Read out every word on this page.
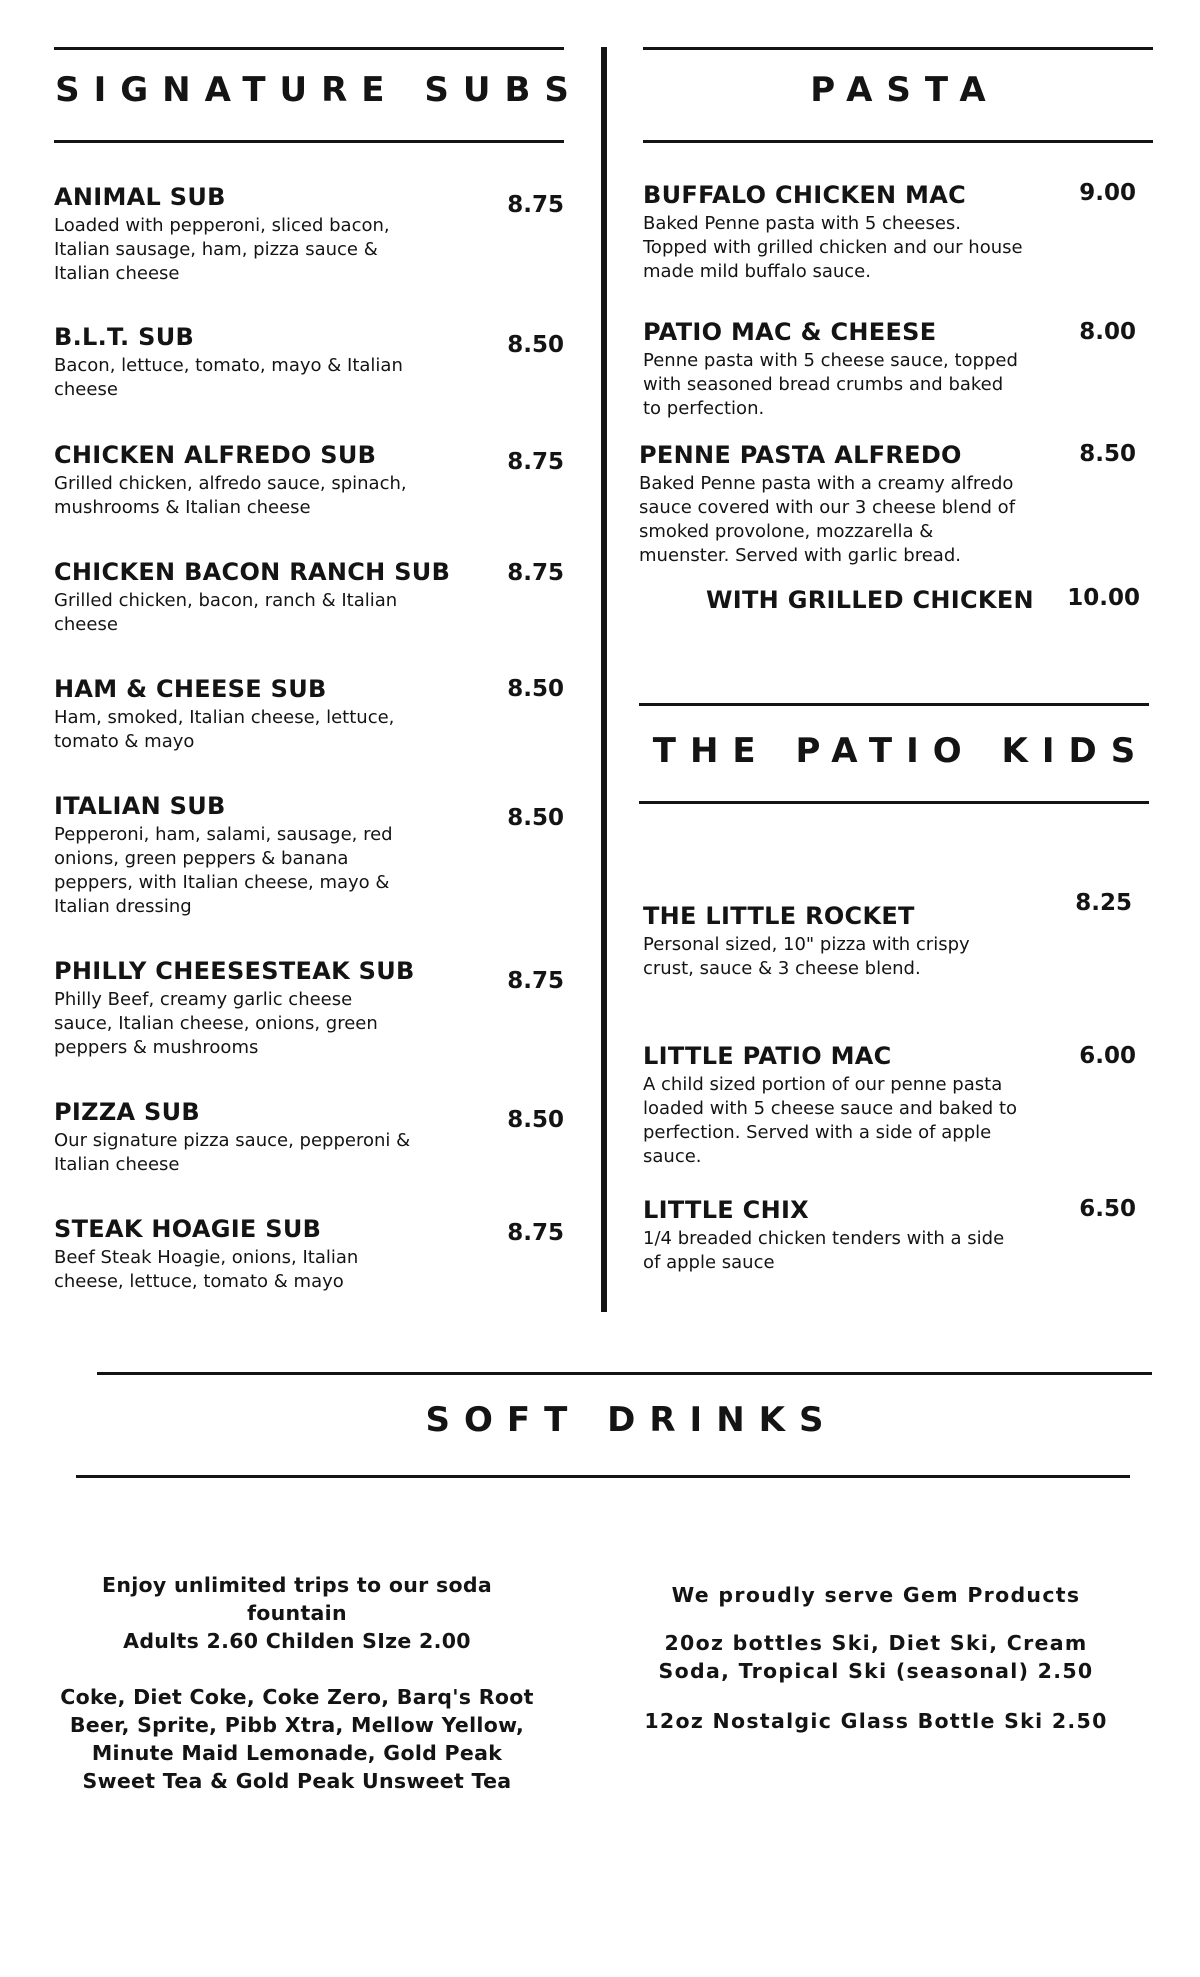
SIGNATURE SUBS	PASTA
ANIMAL SUB
Loaded with pepperoni, sliced bacon, Italian sausage, ham, pizza sauce & Italian cheese
8.75
B.L.T. SUB
Bacon, lettuce, tomato, mayo & Italian cheese
8.50
CHICKEN ALFREDO SUB
Grilled chicken, alfredo sauce, spinach, mushrooms & Italian cheese
8.75
CHICKEN BACON RANCH SUB
Grilled chicken, bacon, ranch & Italian cheese
8.75
HAM & CHEESE SUB
Ham, smoked, Italian cheese, lettuce, tomato & mayo
8.50
ITALIAN SUB
Pepperoni, ham, salami, sausage, red onions, green peppers & banana peppers, with Italian cheese, mayo & Italian dressing
8.50
PHILLY CHEESESTEAK SUB
Philly Beef, creamy garlic cheese sauce, Italian cheese, onions, green peppers & mushrooms
8.75
PIZZA SUB
Our signature pizza sauce, pepperoni & Italian cheese
8.50
STEAK HOAGIE SUB
Beef Steak Hoagie, onions, Italian cheese, lettuce, tomato & mayo
8.75
BUFFALO CHICKEN MAC
Baked Penne pasta with 5 cheeses. Topped with grilled chicken and our house made mild buffalo sauce.
9.00
PATIO MAC & CHEESE
Penne pasta with 5 cheese sauce, topped with seasoned bread crumbs and baked to perfection.
8.00
PENNE PASTA ALFREDO
Baked Penne pasta with a creamy alfredo sauce covered with our 3 cheese blend of smoked provolone, mozzarella & muenster. Served with garlic bread.
8.50
WITH GRILLED CHICKEN	10.00
THE PATIO KIDS
THE LITTLE ROCKET
Personal sized, 10" pizza with crispy crust, sauce & 3 cheese blend.
8.25
LITTLE PATIO MAC
A child sized portion of our penne pasta loaded with 5 cheese sauce and baked to perfection. Served with a side of apple sauce.
6.00
LITTLE CHIX
1/4 breaded chicken tenders with a side of apple sauce
6.50
SOFT DRINKS

Enjoy unlimited trips to our soda fountain

Adults 2.60 Childen SIze 2.00

Coke, Diet Coke, Coke Zero, Barq's Root Beer, Sprite, Pibb Xtra, Mellow Yellow, Minute Maid Lemonade, Gold Peak Sweet Tea & Gold Peak Unsweet Tea

We proudly serve Gem Products

20oz bottles Ski, Diet Ski, Cream Soda, Tropical Ski (seasonal) 2.50

12oz Nostalgic Glass Bottle Ski 2.50
